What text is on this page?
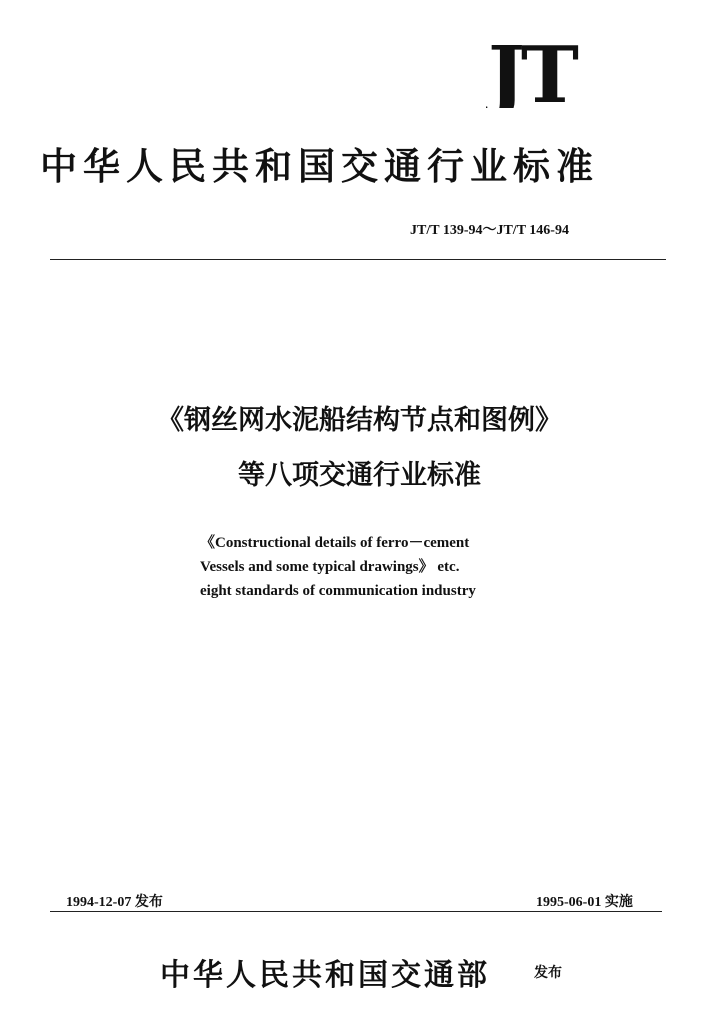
JT
中华人民共和国交通行业标准
JT/T 139-94～JT/T 146-94
《钢丝网水泥船结构节点和图例》
等八项交通行业标准
《Constructional details of ferro－cement
Vessels and some typical drawings》 etc.
eight standards of communication industry
1994-12-07 发布	1995-06-01 实施
中华人民共和国交通部	发布
